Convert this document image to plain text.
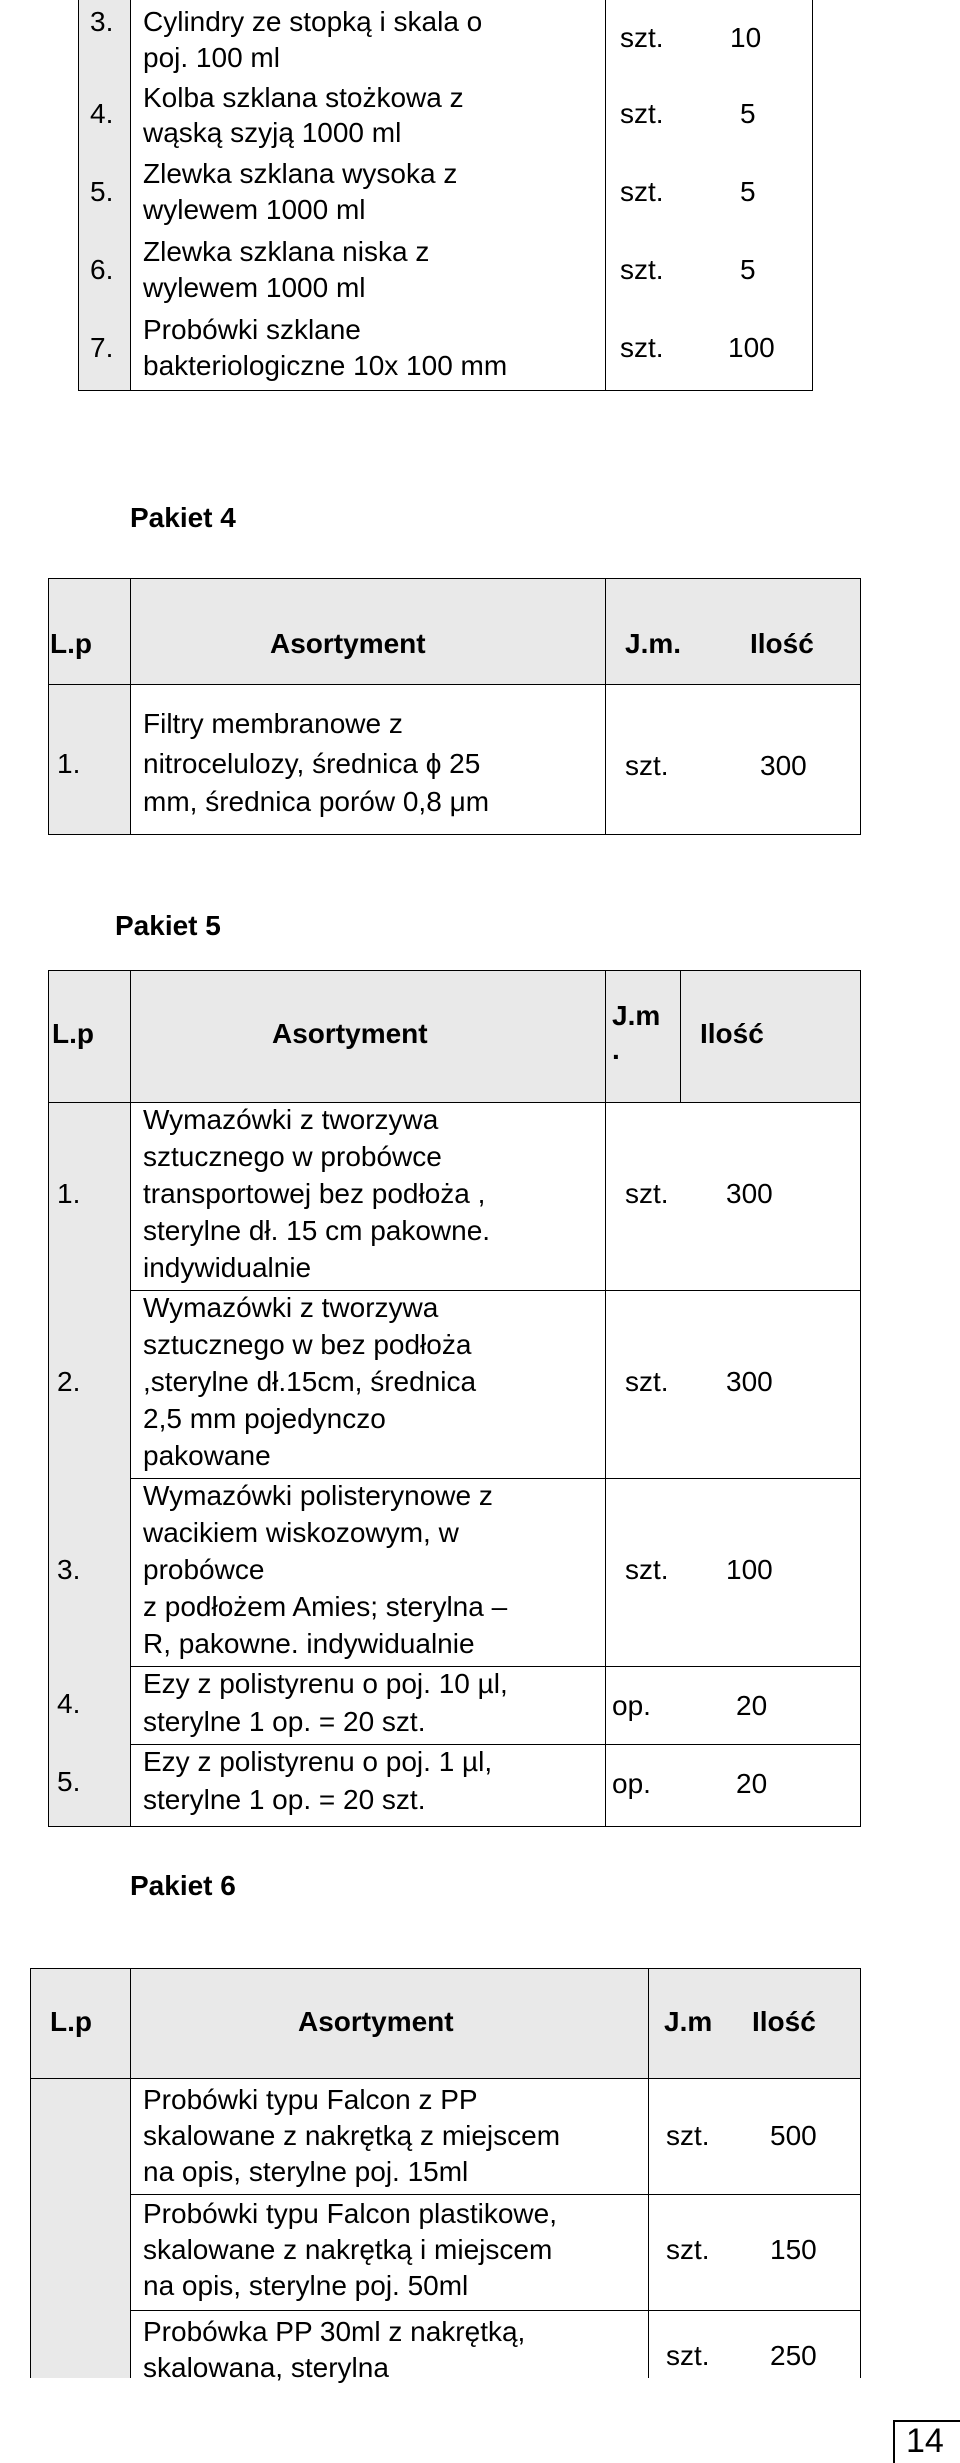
3. Cylindry ze stopką i skala o
poj. 100 ml
szt. 10
4.
Kolba szklana stożkowa z
wąską szyją 1000 ml
szt.	5
5.
Zlewka szklana wysoka z
wylewem 1000 ml
szt.	5
6.
Zlewka szklana niska z
wylewem 1000 ml
szt.	5
7.
Probówki szklane
bakteriologiczne 10x 100 mm
szt. 100
Pakiet 4
L.p	Asortyment	J.m. Ilość
1.
Filtry membranowe z
nitrocelulozy, średnica ϕ 25
mm, średnica porów 0,8 μm
szt.	300
Pakiet 5
L.p	Asortyment
J.m
.
Ilość
1.
Wymazówki z tworzywa
sztucznego w probówce
transportowej bez podłoża ,
sterylne dł. 15 cm pakowne.
indywidualnie
szt. 300
2.
Wymazówki z tworzywa
sztucznego w bez podłoża
,sterylne dł.15cm, średnica
2,5 mm pojedynczo
pakowane
szt. 300
3.
Wymazówki polisterynowe z
wacikiem wiskozowym, w
probówce
z podłożem Amies; sterylna –
R, pakowne. indywidualnie
szt. 100
4.
Ezy z polistyrenu o poj. 10 µl,
sterylne 1 op. = 20 szt.
op.	20
5.
Ezy z polistyrenu o poj. 1 µl,
sterylne 1 op. = 20 szt.
op.	20
Pakiet 6
L.p	Asortyment	J.m Ilość
Probówki typu Falcon z PP
skalowane z nakrętką z miejscem
na opis, sterylne poj. 15ml
szt. 500
Probówki typu Falcon plastikowe,
skalowane z nakrętką i miejscem
na opis, sterylne poj. 50ml
szt. 150
Probówka PP 30ml z nakrętką,
skalowana, sterylna	szt. 250
14
